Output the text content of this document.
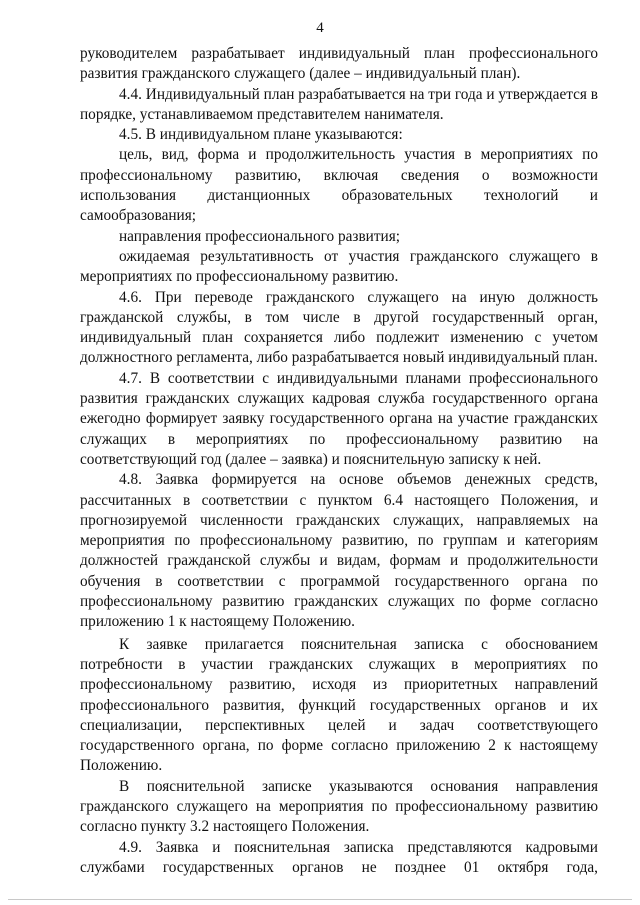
4

руководителем разрабатывает индивидуальный план профессионального развития гражданского служащего (далее – индивидуальный план).

4.4. Индивидуальный план разрабатывается на три года и утверждается в порядке, устанавливаемом представителем нанимателя.

4.5. В индивидуальном плане указываются:

цель, вид, форма и продолжительность участия в мероприятиях по профессиональному развитию, включая сведения о возможности использования дистанционных образовательных технологий и самообразования;

направления профессионального развития;

ожидаемая результативность от участия гражданского служащего в мероприятиях по профессиональному развитию.

4.6. При переводе гражданского служащего на иную должность гражданской службы, в том числе в другой государственный орган, индивидуальный план сохраняется либо подлежит изменению с учетом должностного регламента, либо разрабатывается новый индивидуальный план.

4.7. В соответствии с индивидуальными планами профессионального развития гражданских служащих кадровая служба государственного органа ежегодно формирует заявку государственного органа на участие гражданских служащих в мероприятиях по профессиональному развитию на соответствующий год (далее – заявка) и пояснительную записку к ней.

4.8. Заявка формируется на основе объемов денежных средств, рассчитанных в соответствии с пунктом 6.4 настоящего Положения, и прогнозируемой численности гражданских служащих, направляемых на мероприятия по профессиональному развитию, по группам и категориям должностей гражданской службы и видам, формам и продолжительности обучения в соответствии с программой государственного органа по профессиональному развитию гражданских служащих по форме согласно приложению 1 к настоящему Положению.

К заявке прилагается пояснительная записка с обоснованием потребности в участии гражданских служащих в мероприятиях по профессиональному развитию, исходя из приоритетных направлений профессионального развития, функций государственных органов и их специализации, перспективных целей и задач соответствующего государственного органа, по форме согласно приложению 2 к настоящему Положению.

В пояснительной записке указываются основания направления гражданского служащего на мероприятия по профессиональному развитию согласно пункту 3.2 настоящего Положения.

4.9. Заявка и пояснительная записка представляются кадровыми службами государственных органов не позднее 01 октября года,
